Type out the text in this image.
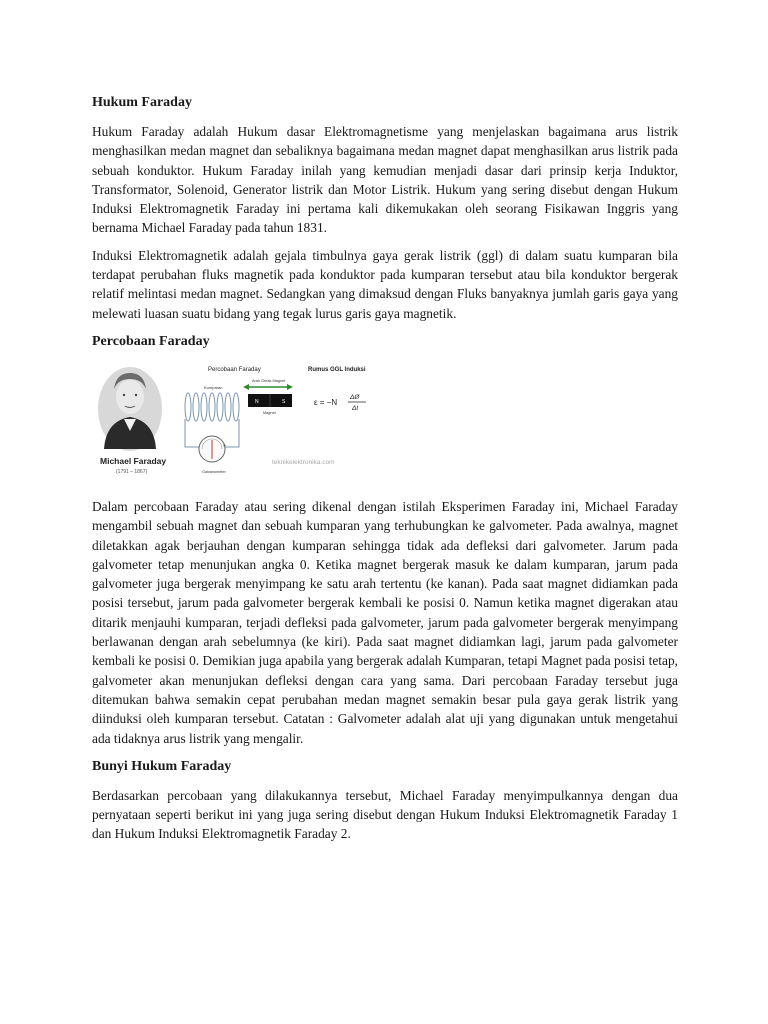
Hukum Faraday

Hukum Faraday adalah Hukum dasar Elektromagnetisme yang menjelaskan bagaimana arus listrik menghasilkan medan magnet dan sebaliknya bagaimana medan magnet dapat menghasilkan arus listrik pada sebuah konduktor. Hukum Faraday inilah yang kemudian menjadi dasar dari prinsip kerja Induktor, Transformator, Solenoid, Generator listrik dan Motor Listrik. Hukum yang sering disebut dengan Hukum Induksi Elektromagnetik Faraday ini pertama kali dikemukakan oleh seorang Fisikawan Inggris yang bernama Michael Faraday pada tahun 1831.

Induksi Elektromagnetik adalah gejala timbulnya gaya gerak listrik (ggl) di dalam suatu kumparan bila terdapat perubahan fluks magnetik pada konduktor pada kumparan tersebut atau bila konduktor bergerak relatif melintasi medan magnet. Sedangkan yang dimaksud dengan Fluks banyaknya jumlah garis gaya yang melewati luasan suatu bidang yang tegak lurus garis gaya magnetik.

Percobaan Faraday
Michael Faraday
(1791 – 1867)
Percobaan Faraday	Rumus GGL Induksi
Kumparan
Arah Gerak Magnet
N	S
Magnet
+
Galvanometer
ε = −N
ΔØ
Δt
teknikelektronika.com

Dalam percobaan Faraday atau sering dikenal dengan istilah Eksperimen Faraday ini, Michael Faraday mengambil sebuah magnet dan sebuah kumparan yang terhubungkan ke galvometer. Pada awalnya, magnet diletakkan agak berjauhan dengan kumparan sehingga tidak ada defleksi dari galvometer. Jarum pada galvometer tetap menunjukan angka 0. Ketika magnet bergerak masuk ke dalam kumparan, jarum pada galvometer juga bergerak menyimpang ke satu arah tertentu (ke kanan). Pada saat magnet didiamkan pada posisi tersebut, jarum pada galvometer bergerak kembali ke posisi 0. Namun ketika magnet digerakan atau ditarik menjauhi kumparan, terjadi defleksi pada galvometer, jarum pada galvometer bergerak menyimpang berlawanan dengan arah sebelumnya (ke kiri). Pada saat magnet didiamkan lagi, jarum pada galvometer kembali ke posisi 0. Demikian juga apabila yang bergerak adalah Kumparan, tetapi Magnet pada posisi tetap, galvometer akan menunjukan defleksi dengan cara yang sama. Dari percobaan Faraday tersebut juga ditemukan bahwa semakin cepat perubahan medan magnet semakin besar pula gaya gerak listrik yang diinduksi oleh kumparan tersebut. Catatan : Galvometer adalah alat uji yang digunakan untuk mengetahui ada tidaknya arus listrik yang mengalir.

Bunyi Hukum Faraday

Berdasarkan percobaan yang dilakukannya tersebut, Michael Faraday menyimpulkannya dengan dua pernyataan seperti berikut ini yang juga sering disebut dengan Hukum Induksi Elektromagnetik Faraday 1 dan Hukum Induksi Elektromagnetik Faraday 2.
